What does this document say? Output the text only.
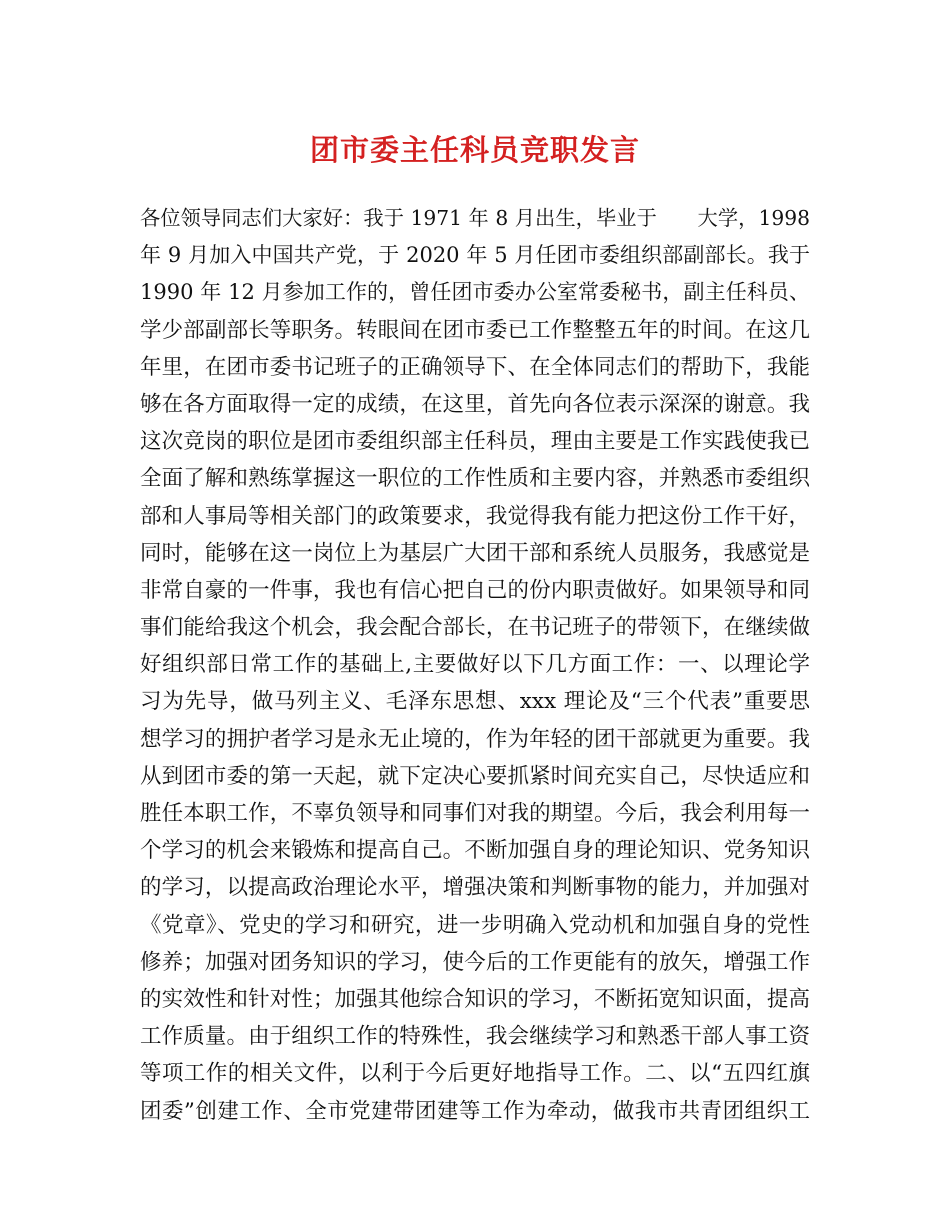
团市委主任科员竞职发言
各位领导同志们大家好：我于 1971 年 8 月出生，毕业于　　大学，1998
年 9 月加入中国共产党，于 2020 年 5 月任团市委组织部副部长。我于
1990 年 12 月参加工作的，曾任团市委办公室常委秘书，副主任科员、
学少部副部长等职务。转眼间在团市委已工作整整五年的时间。在这几
年里，在团市委书记班子的正确领导下、在全体同志们的帮助下，我能
够在各方面取得一定的成绩，在这里，首先向各位表示深深的谢意。我
这次竞岗的职位是团市委组织部主任科员，理由主要是工作实践使我已
全面了解和熟练掌握这一职位的工作性质和主要内容，并熟悉市委组织
部和人事局等相关部门的政策要求，我觉得我有能力把这份工作干好，
同时，能够在这一岗位上为基层广大团干部和系统人员服务，我感觉是
非常自豪的一件事，我也有信心把自己的份内职责做好。如果领导和同
事们能给我这个机会，我会配合部长，在书记班子的带领下，在继续做
好组织部日常工作的基础上,主要做好以下几方面工作：一、以理论学
习为先导，做马列主义、毛泽东思想、xxx 理论及“三个代表”重要思
想学习的拥护者学习是永无止境的，作为年轻的团干部就更为重要。我
从到团市委的第一天起，就下定决心要抓紧时间充实自己，尽快适应和
胜任本职工作，不辜负领导和同事们对我的期望。今后，我会利用每一
个学习的机会来锻炼和提高自己。不断加强自身的理论知识、党务知识
的学习，以提高政治理论水平，增强决策和判断事物的能力，并加强对
《党章》、党史的学习和研究，进一步明确入党动机和加强自身的党性
修养；加强对团务知识的学习，使今后的工作更能有的放矢，增强工作
的实效性和针对性；加强其他综合知识的学习，不断拓宽知识面，提高
工作质量。由于组织工作的特殊性，我会继续学习和熟悉干部人事工资
等项工作的相关文件，以利于今后更好地指导工作。二、以“五四红旗
团委”创建工作、全市党建带团建等工作为牵动，做我市共青团组织工
